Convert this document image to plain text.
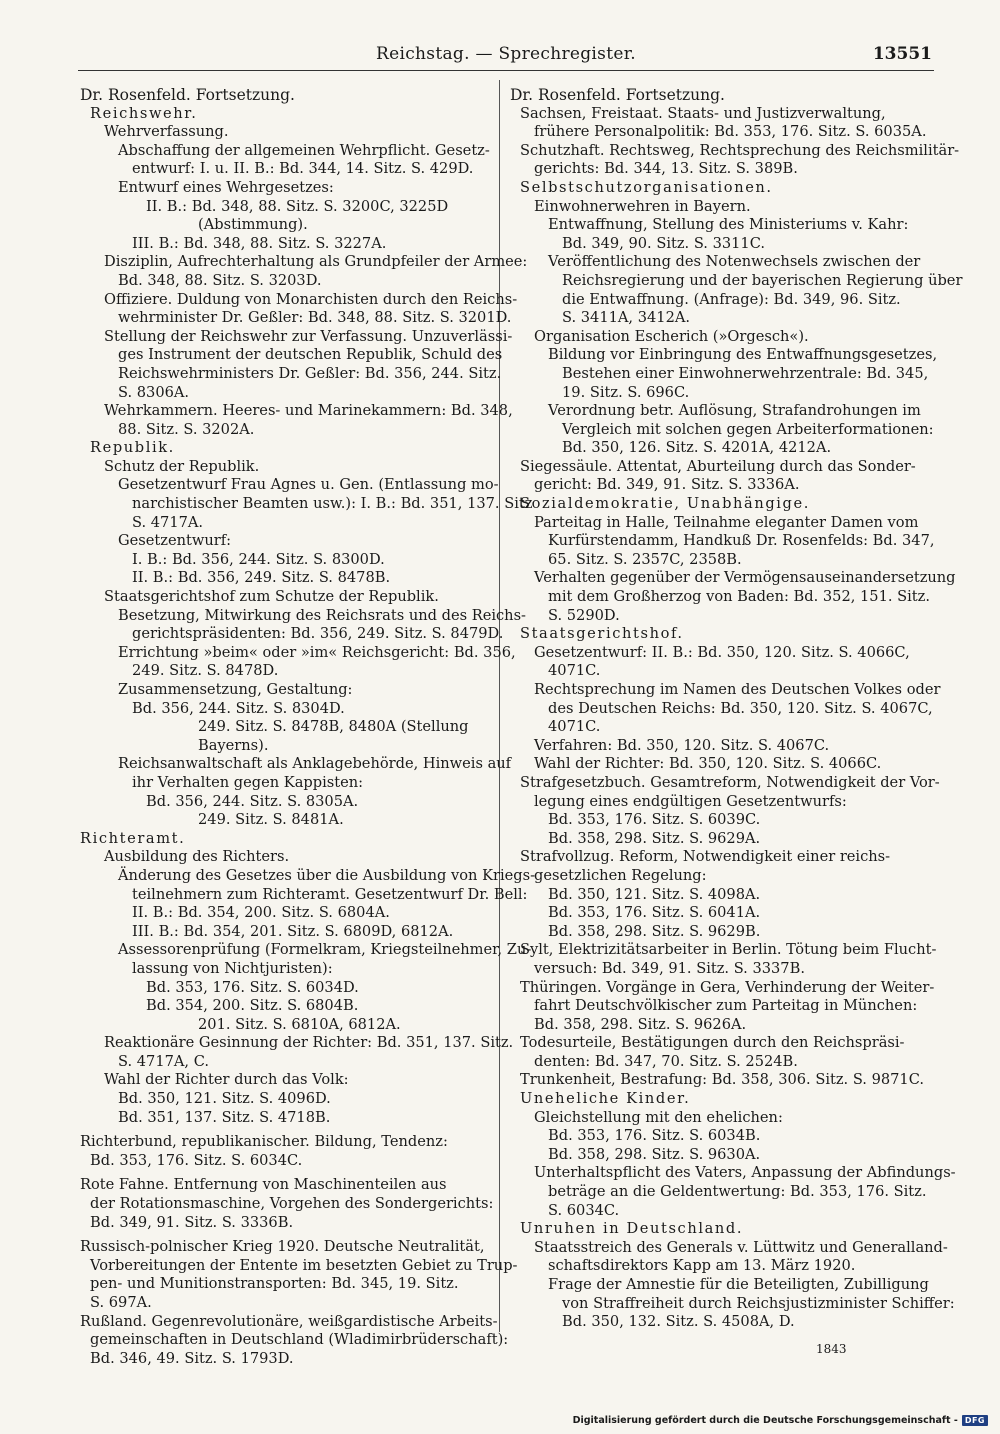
Reichstag. — Sprechregister.	13551
Dr. Rosenfeld. Fortsetzung.
Reichswehr.
Wehrverfassung.
Abschaffung der allgemeinen Wehrpflicht. Gesetz-
entwurf: I. u. II. B.: Bd. 344, 14. Sitz. S. 429D.
Entwurf eines Wehrgesetzes:
II. B.: Bd. 348, 88. Sitz. S. 3200C, 3225D
(Abstimmung).
III. B.: Bd. 348, 88. Sitz. S. 3227A.
Disziplin, Aufrechterhaltung als Grundpfeiler der Armee:
Bd. 348, 88. Sitz. S. 3203D.
Offiziere. Duldung von Monarchisten durch den Reichs-
wehrminister Dr. Geßler: Bd. 348, 88. Sitz. S. 3201D.
Stellung der Reichswehr zur Verfassung. Unzuverlässi-
ges Instrument der deutschen Republik, Schuld des
Reichswehrministers Dr. Geßler: Bd. 356, 244. Sitz.
S. 8306A.
Wehrkammern. Heeres- und Marinekammern: Bd. 348,
88. Sitz. S. 3202A.
Republik.
Schutz der Republik.
Gesetzentwurf Frau Agnes u. Gen. (Entlassung mo-
narchistischer Beamten usw.): I. B.: Bd. 351, 137. Sitz
S. 4717A.
Gesetzentwurf:
I. B.: Bd. 356, 244. Sitz. S. 8300D.
II. B.: Bd. 356, 249. Sitz. S. 8478B.
Staatsgerichtshof zum Schutze der Republik.
Besetzung, Mitwirkung des Reichsrats und des Reichs-
gerichtspräsidenten: Bd. 356, 249. Sitz. S. 8479D.
Errichtung »beim« oder »im« Reichsgericht: Bd. 356,
249. Sitz. S. 8478D.
Zusammensetzung, Gestaltung:
Bd. 356, 244. Sitz. S. 8304D.
249. Sitz. S. 8478B, 8480A (Stellung
Bayerns).
Reichsanwaltschaft als Anklagebehörde, Hinweis auf
ihr Verhalten gegen Kappisten:
Bd. 356, 244. Sitz. S. 8305A.
249. Sitz. S. 8481A.
Richteramt.
Ausbildung des Richters.
Änderung des Gesetzes über die Ausbildung von Kriegs-
teilnehmern zum Richteramt. Gesetzentwurf Dr. Bell:
II. B.: Bd. 354, 200. Sitz. S. 6804A.
III. B.: Bd. 354, 201. Sitz. S. 6809D, 6812A.
Assessorenprüfung (Formelkram, Kriegsteilnehmer, Zu-
lassung von Nichtjuristen):
Bd. 353, 176. Sitz. S. 6034D.
Bd. 354, 200. Sitz. S. 6804B.
201. Sitz. S. 6810A, 6812A.
Reaktionäre Gesinnung der Richter: Bd. 351, 137. Sitz.
S. 4717A, C.
Wahl der Richter durch das Volk:
Bd. 350, 121. Sitz. S. 4096D.
Bd. 351, 137. Sitz. S. 4718B.
Richterbund, republikanischer. Bildung, Tendenz:
Bd. 353, 176. Sitz. S. 6034C.
Rote Fahne. Entfernung von Maschinenteilen aus
der Rotationsmaschine, Vorgehen des Sondergerichts:
Bd. 349, 91. Sitz. S. 3336B.
Russisch-polnischer Krieg 1920. Deutsche Neutralität,
Vorbereitungen der Entente im besetzten Gebiet zu Trup-
pen- und Munitionstransporten: Bd. 345, 19. Sitz.
S. 697A.
Rußland. Gegenrevolutionäre, weißgardistische Arbeits-
gemeinschaften in Deutschland (Wladimirbrüderschaft):
Bd. 346, 49. Sitz. S. 1793D.
Dr. Rosenfeld. Fortsetzung.
Sachsen, Freistaat. Staats- und Justizverwaltung,
frühere Personalpolitik: Bd. 353, 176. Sitz. S. 6035A.
Schutzhaft. Rechtsweg, Rechtsprechung des Reichsmilitär-
gerichts: Bd. 344, 13. Sitz. S. 389B.
Selbstschutzorganisationen.
Einwohnerwehren in Bayern.
Entwaffnung, Stellung des Ministeriums v. Kahr:
Bd. 349, 90. Sitz. S. 3311C.
Veröffentlichung des Notenwechsels zwischen der
Reichsregierung und der bayerischen Regierung über
die Entwaffnung. (Anfrage): Bd. 349, 96. Sitz.
S. 3411A, 3412A.
Organisation Escherich (»Orgesch«).
Bildung vor Einbringung des Entwaffnungsgesetzes,
Bestehen einer Einwohnerwehrzentrale: Bd. 345,
19. Sitz. S. 696C.
Verordnung betr. Auflösung, Strafandrohungen im
Vergleich mit solchen gegen Arbeiterformationen:
Bd. 350, 126. Sitz. S. 4201A, 4212A.
Siegessäule. Attentat, Aburteilung durch das Sonder-
gericht: Bd. 349, 91. Sitz. S. 3336A.
Sozialdemokratie, Unabhängige.
Parteitag in Halle, Teilnahme eleganter Damen vom
Kurfürstendamm, Handkuß Dr. Rosenfelds: Bd. 347,
65. Sitz. S. 2357C, 2358B.
Verhalten gegenüber der Vermögensauseinandersetzung
mit dem Großherzog von Baden: Bd. 352, 151. Sitz.
S. 5290D.
Staatsgerichtshof.
Gesetzentwurf: II. B.: Bd. 350, 120. Sitz. S. 4066C,
4071C.
Rechtsprechung im Namen des Deutschen Volkes oder
des Deutschen Reichs: Bd. 350, 120. Sitz. S. 4067C,
4071C.
Verfahren: Bd. 350, 120. Sitz. S. 4067C.
Wahl der Richter: Bd. 350, 120. Sitz. S. 4066C.
Strafgesetzbuch. Gesamtreform, Notwendigkeit der Vor-
legung eines endgültigen Gesetzentwurfs:
Bd. 353, 176. Sitz. S. 6039C.
Bd. 358, 298. Sitz. S. 9629A.
Strafvollzug. Reform, Notwendigkeit einer reichs-
gesetzlichen Regelung:
Bd. 350, 121. Sitz. S. 4098A.
Bd. 353, 176. Sitz. S. 6041A.
Bd. 358, 298. Sitz. S. 9629B.
Sylt, Elektrizitätsarbeiter in Berlin. Tötung beim Flucht-
versuch: Bd. 349, 91. Sitz. S. 3337B.
Thüringen. Vorgänge in Gera, Verhinderung der Weiter-
fahrt Deutschvölkischer zum Parteitag in München:
Bd. 358, 298. Sitz. S. 9626A.
Todesurteile, Bestätigungen durch den Reichspräsi-
denten: Bd. 347, 70. Sitz. S. 2524B.
Trunkenheit, Bestrafung: Bd. 358, 306. Sitz. S. 9871C.
Uneheliche Kinder.
Gleichstellung mit den ehelichen:
Bd. 353, 176. Sitz. S. 6034B.
Bd. 358, 298. Sitz. S. 9630A.
Unterhaltspflicht des Vaters, Anpassung der Abfindungs-
beträge an die Geldentwertung: Bd. 353, 176. Sitz.
S. 6034C.
Unruhen in Deutschland.
Staatsstreich des Generals v. Lüttwitz und Generalland-
schaftsdirektors Kapp am 13. März 1920.
Frage der Amnestie für die Beteiligten, Zubilligung
von Straffreiheit durch Reichsjustizminister Schiffer:
Bd. 350, 132. Sitz. S. 4508A, D.
1843
Digitalisierung gefördert durch die Deutsche Forschungsgemeinschaft - DFG
